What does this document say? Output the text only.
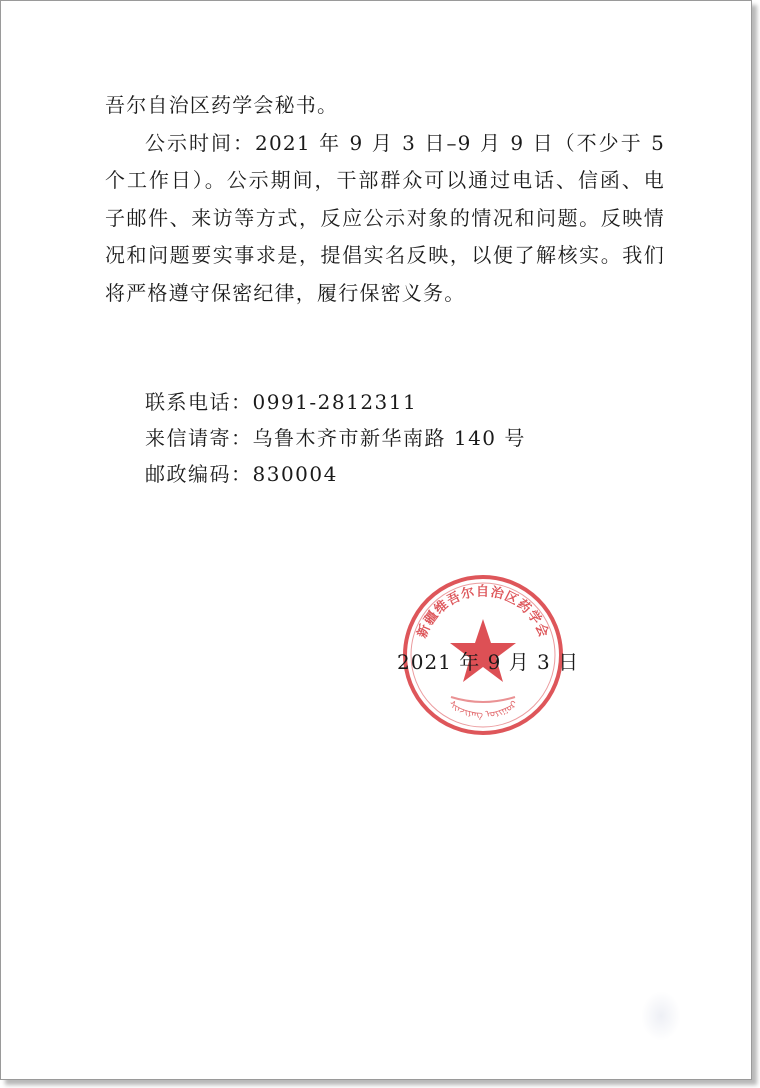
吾尔自治区药学会秘书。

公示时间：2021 年 9 月 3 日–9 月 9 日（不少于 5 个工作日）。公示期间，干部群众可以通过电话、信函、电子邮件、来访等方式，反应公示对象的情况和问题。反映情况和问题要实事求是，提倡实名反映，以便了解核实。我们将严格遵守保密纪律，履行保密义务。

联系电话：0991-2812311
来信请寄：乌鲁木齐市新华南路 140 号
邮政编码：830004
新疆维吾尔自治区药学会
ᠰᠢᠨᠵᠢᠶᠠᠩ ᠤᠶᠢᠭᠤᠷ
2021 年 9 月 3 日
